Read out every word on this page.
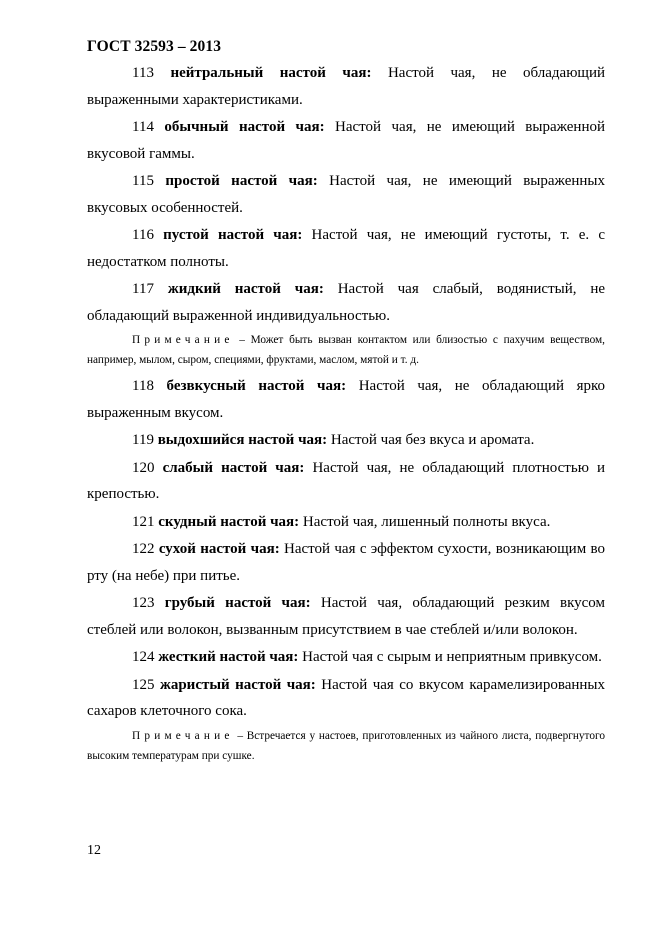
ГОСТ 32593 – 2013

113 нейтральный настой чая: Настой чая, не обладающий выраженными характеристиками.

114 обычный настой чая: Настой чая, не имеющий выраженной вкусовой гаммы.

115 простой настой чая: Настой чая, не имеющий выраженных вкусовых особенностей.

116 пустой настой чая: Настой чая, не имеющий густоты, т. е. с недостатком полноты.

117 жидкий настой чая: Настой чая слабый, водянистый, не обладающий выраженной индивидуальностью.

Примечание – Может быть вызван контактом или близостью с пахучим веществом, например, мылом, сыром, специями, фруктами, маслом, мятой и т. д.

118 безвкусный настой чая: Настой чая, не обладающий ярко выраженным вкусом.

119 выдохшийся настой чая: Настой чая без вкуса и аромата.

120 слабый настой чая: Настой чая, не обладающий плотностью и крепостью.

121 скудный настой чая: Настой чая, лишенный полноты вкуса.

122 сухой настой чая: Настой чая с эффектом сухости, возникающим во рту (на небе) при питье.

123 грубый настой чая: Настой чая, обладающий резким вкусом стеблей или волокон, вызванным присутствием в чае стеблей и/или волокон.

124 жесткий настой чая: Настой чая с сырым и неприятным привкусом.

125 жаристый настой чая: Настой чая со вкусом карамелизированных сахаров клеточного сока.

Примечание – Встречается у настоев, приготовленных из чайного листа, подвергнутого высоким температурам при сушке.

12
